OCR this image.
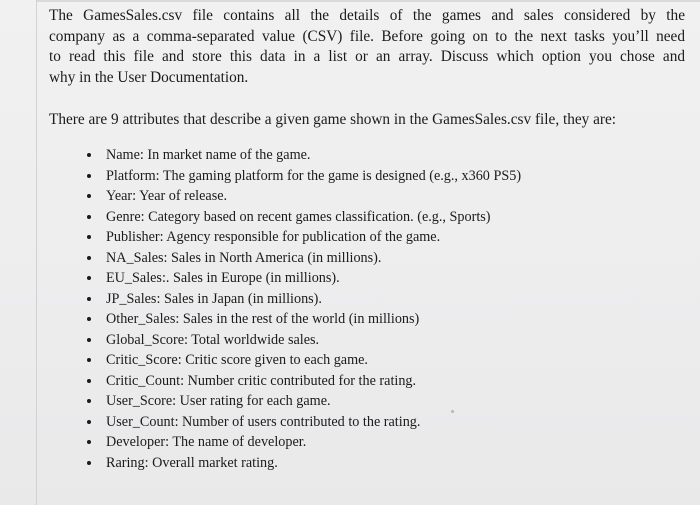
The GamesSales.csv file contains all the details of the games and sales considered by the
company as a comma-separated value (CSV) file. Before going on to the next tasks you’ll need
to read this file and store this data in a list or an array. Discuss which option you chose and
why in the User Documentation.

There are 9 attributes that describe a given game shown in the GamesSales.csv file, they are:

Name: In market name of the game.
Platform: The gaming platform for the game is designed (e.g., x360 PS5)
Year: Year of release.
Genre: Category based on recent games classification. (e.g., Sports)
Publisher: Agency responsible for publication of the game.
NA_Sales: Sales in North America (in millions).
EU_Sales:. Sales in Europe (in millions).
JP_Sales: Sales in Japan (in millions).
Other_Sales: Sales in the rest of the world (in millions)
Global_Score: Total worldwide sales.
Critic_Score: Critic score given to each game.
Critic_Count: Number critic contributed for the rating.
User_Score: User rating for each game.
User_Count: Number of users contributed to the rating.
Developer: The name of developer.
Raring: Overall market rating.
